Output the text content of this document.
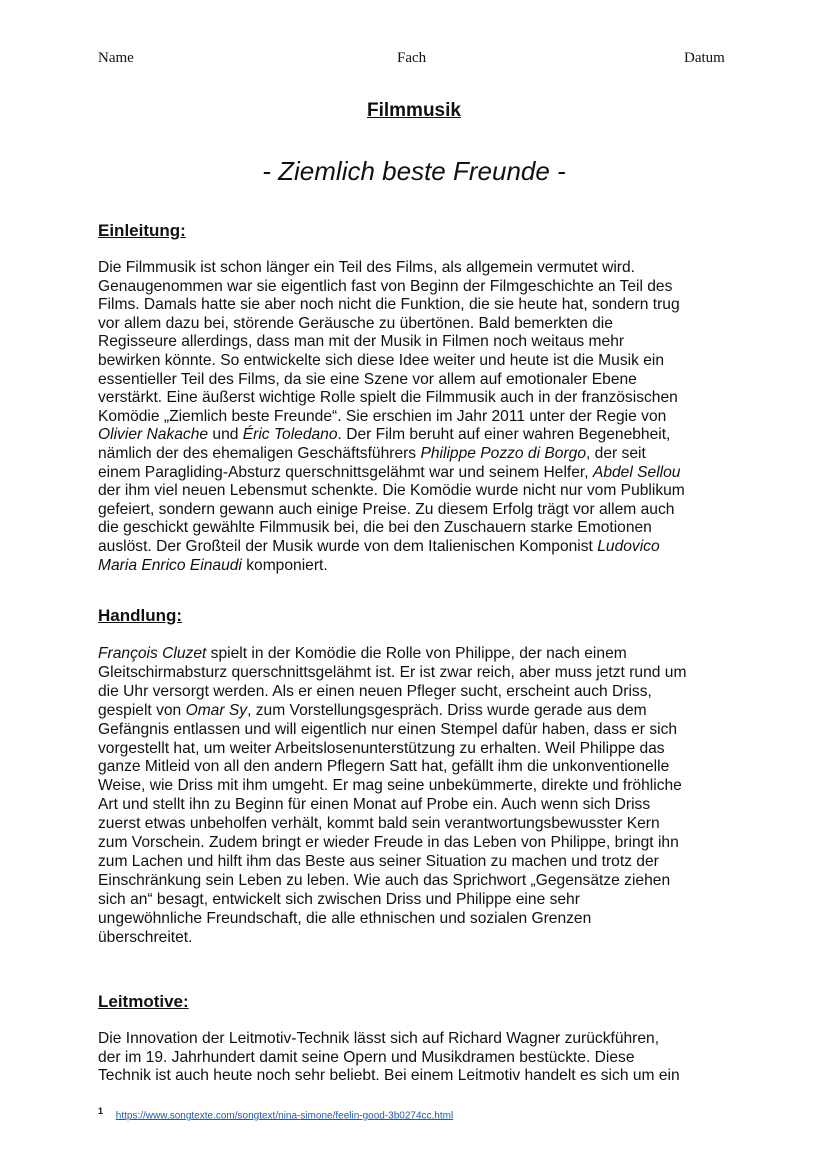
Name	Fach	Datum
Filmmusik
- Ziemlich beste Freunde -
Einleitung:
Die Filmmusik ist schon länger ein Teil des Films, als allgemein vermutet wird.
Genaugenommen war sie eigentlich fast von Beginn der Filmgeschichte an Teil des
Films. Damals hatte sie aber noch nicht die Funktion, die sie heute hat, sondern trug
vor allem dazu bei, störende Geräusche zu übertönen. Bald bemerkten die
Regisseure allerdings, dass man mit der Musik in Filmen noch weitaus mehr
bewirken könnte. So entwickelte sich diese Idee weiter und heute ist die Musik ein
essentieller Teil des Films, da sie eine Szene vor allem auf emotionaler Ebene
verstärkt. Eine äußerst wichtige Rolle spielt die Filmmusik auch in der französischen
Komödie „Ziemlich beste Freunde“. Sie erschien im Jahr 2011 unter der Regie von
Olivier Nakache und Éric Toledano. Der Film beruht auf einer wahren Begenebheit,
nämlich der des ehemaligen Geschäftsführers Philippe Pozzo di Borgo, der seit
einem Paragliding-Absturz querschnittsgelähmt war und seinem Helfer, Abdel Sellou
der ihm viel neuen Lebensmut schenkte. Die Komödie wurde nicht nur vom Publikum
gefeiert, sondern gewann auch einige Preise. Zu diesem Erfolg trägt vor allem auch
die geschickt gewählte Filmmusik bei, die bei den Zuschauern starke Emotionen
auslöst. Der Großteil der Musik wurde von dem Italienischen Komponist Ludovico
Maria Enrico Einaudi komponiert.
Handlung:
François Cluzet spielt in der Komödie die Rolle von Philippe, der nach einem
Gleitschirmabsturz querschnittsgelähmt ist. Er ist zwar reich, aber muss jetzt rund um
die Uhr versorgt werden. Als er einen neuen Pfleger sucht, erscheint auch Driss,
gespielt von Omar Sy, zum Vorstellungsgespräch. Driss wurde gerade aus dem
Gefängnis entlassen und will eigentlich nur einen Stempel dafür haben, dass er sich
vorgestellt hat, um weiter Arbeitslosenunterstützung zu erhalten. Weil Philippe das
ganze Mitleid von all den andern Pflegern Satt hat, gefällt ihm die unkonventionelle
Weise, wie Driss mit ihm umgeht. Er mag seine unbekümmerte, direkte und fröhliche
Art und stellt ihn zu Beginn für einen Monat auf Probe ein. Auch wenn sich Driss
zuerst etwas unbeholfen verhält, kommt bald sein verantwortungsbewusster Kern
zum Vorschein. Zudem bringt er wieder Freude in das Leben von Philippe, bringt ihn
zum Lachen und hilft ihm das Beste aus seiner Situation zu machen und trotz der
Einschränkung sein Leben zu leben. Wie auch das Sprichwort „Gegensätze ziehen
sich an“ besagt, entwickelt sich zwischen Driss und Philippe eine sehr
ungewöhnliche Freundschaft, die alle ethnischen und sozialen Grenzen
überschreitet.
Leitmotive:
Die Innovation der Leitmotiv-Technik lässt sich auf Richard Wagner zurückführen,
der im 19. Jahrhundert damit seine Opern und Musikdramen bestückte. Diese
Technik ist auch heute noch sehr beliebt. Bei einem Leitmotiv handelt es sich um ein
$^1$ https://www.songtexte.com/songtext/nina-simone/feelin-good-3b0274cc.html
